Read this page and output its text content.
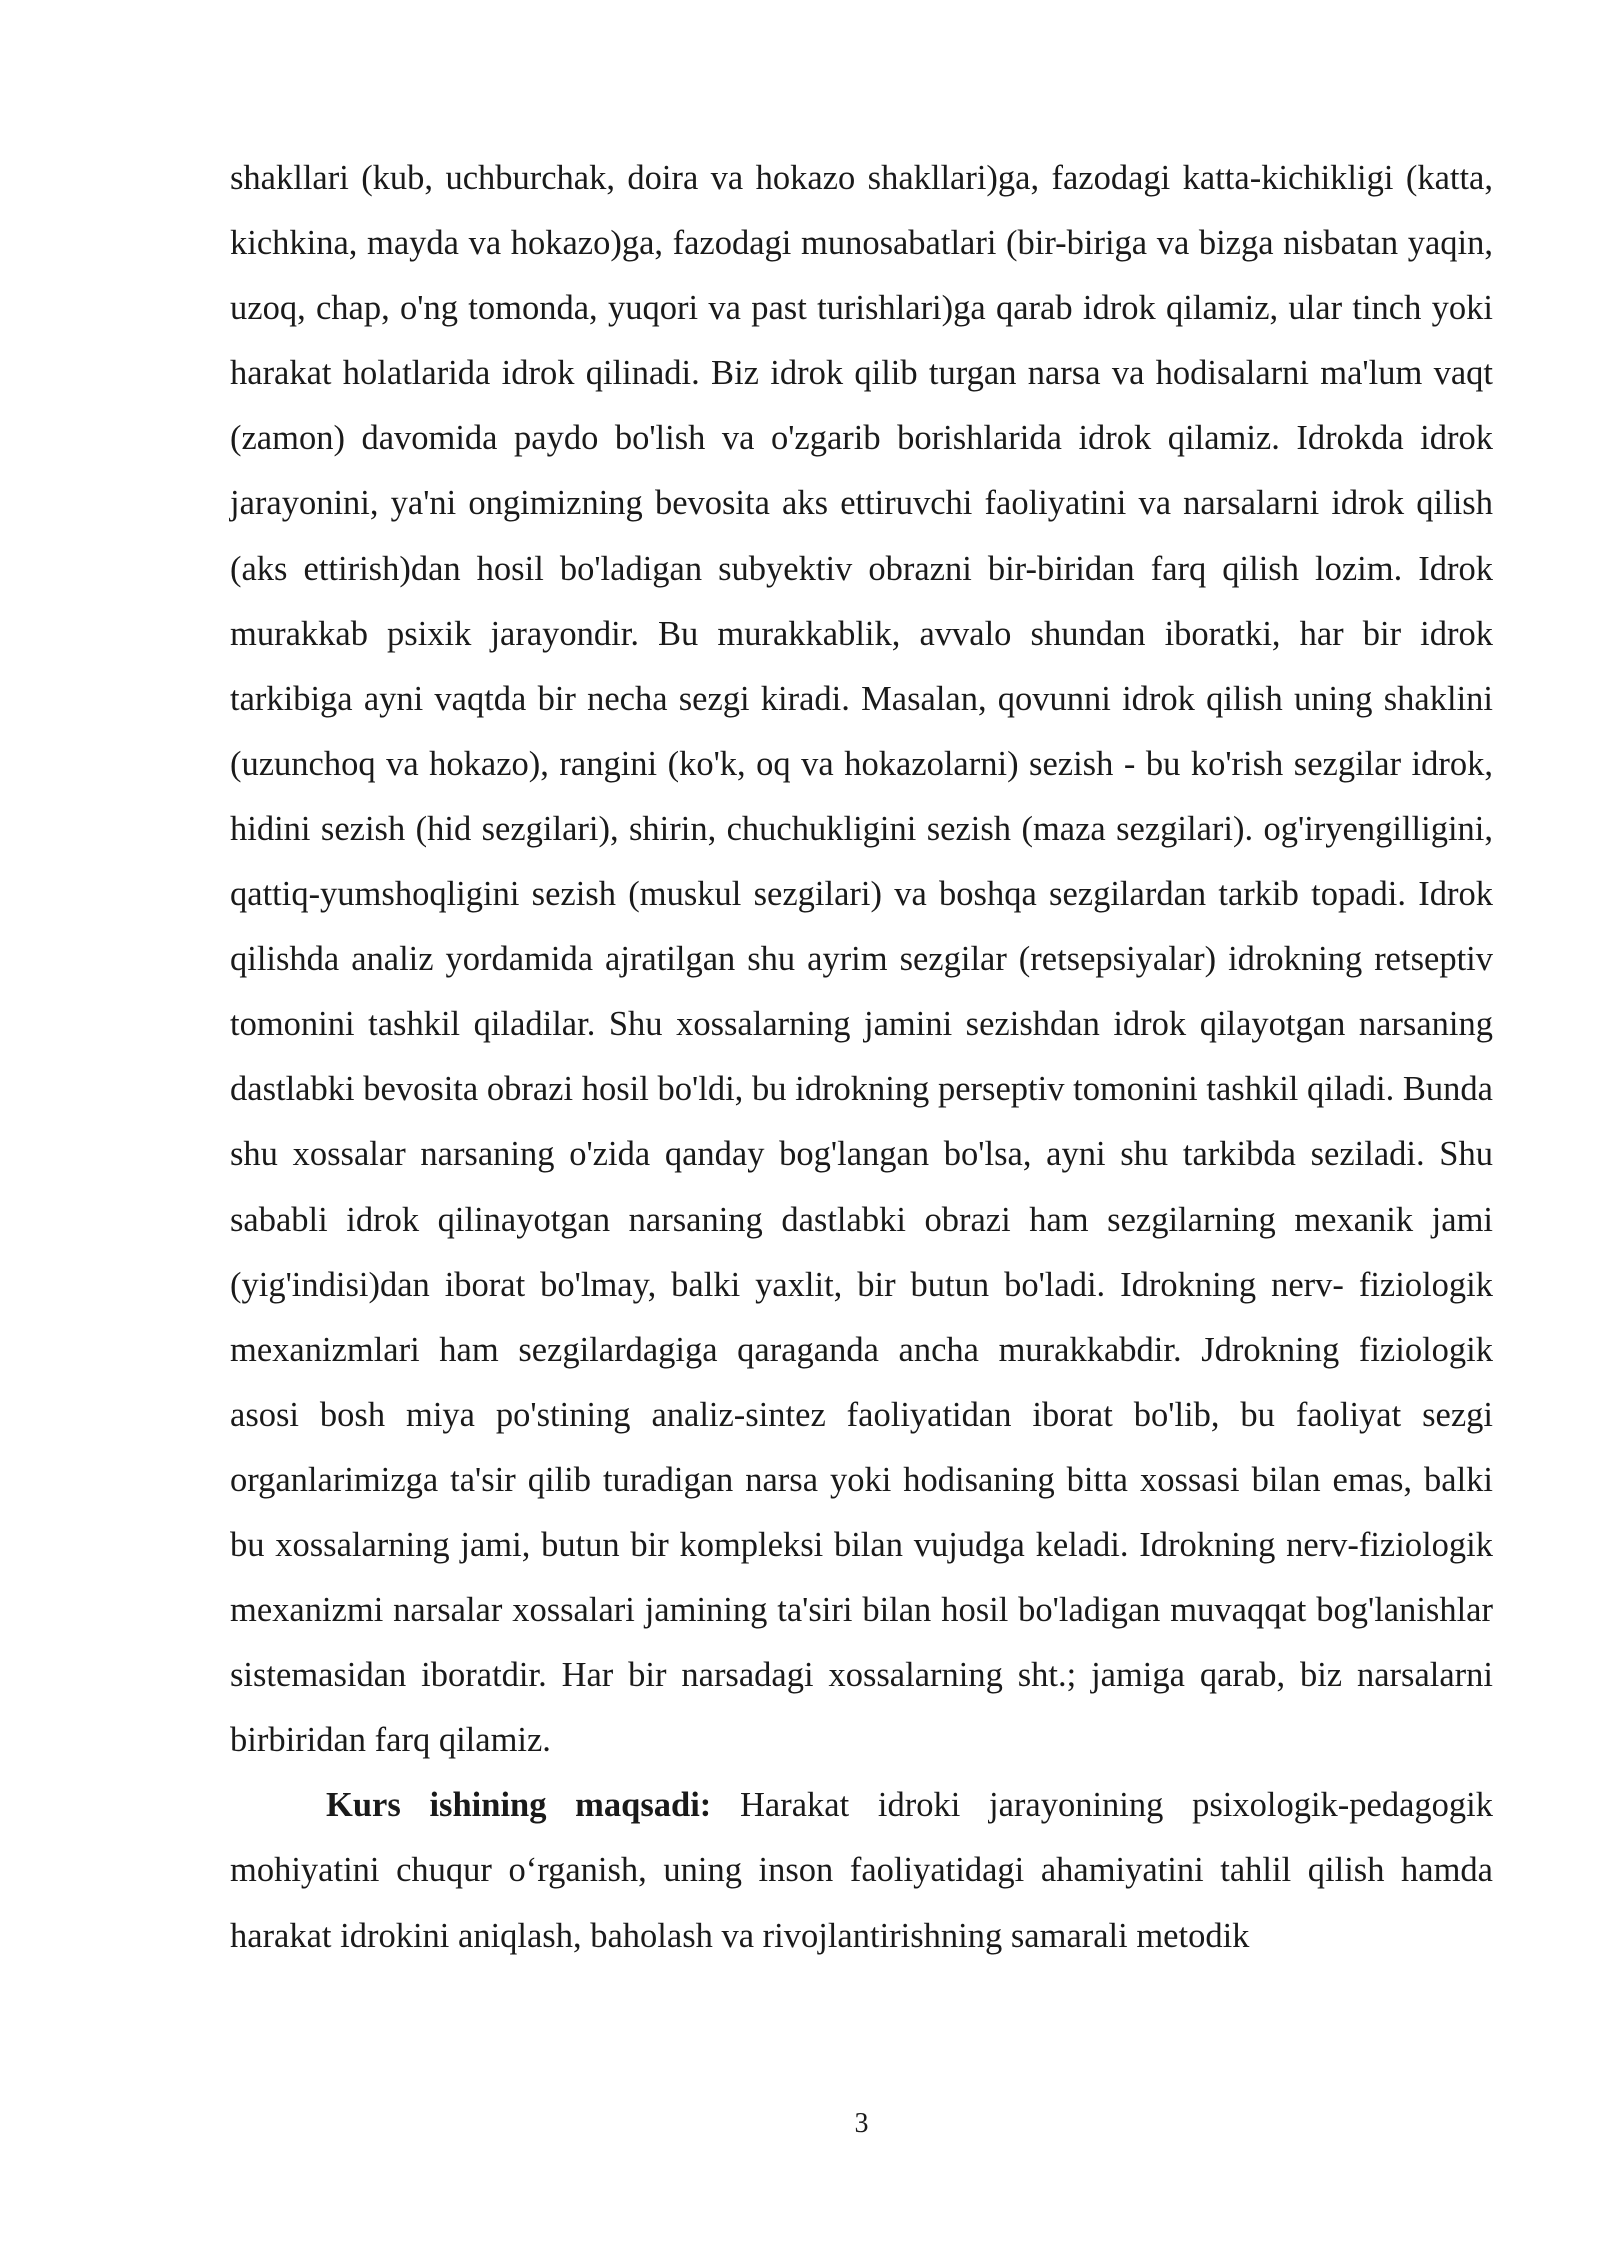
shakllari (kub, uchburchak, doira va hokazo shakllari)ga, fazodagi katta-kichikligi (katta, kichkina, mayda va hokazo)ga, fazodagi munosabatlari (bir-biriga va bizga nisbatan yaqin, uzoq, chap, o'ng tomonda, yuqori va past turishlari)ga qarab idrok qilamiz, ular tinch yoki harakat holatlarida idrok qilinadi. Biz idrok qilib turgan narsa va hodisalarni ma'lum vaqt (zamon) davomida paydo bo'lish va o'zgarib borishlarida idrok qilamiz. Idrokda idrok jarayonini, ya'ni ongimizning bevosita aks ettiruvchi faoliyatini va narsalarni idrok qilish (aks ettirish)dan hosil bo'ladigan subyektiv obrazni bir-biridan farq qilish lozim. Idrok murakkab psixik jarayondir. Bu murakkablik, avvalo shundan iboratki, har bir idrok tarkibiga ayni vaqtda bir necha sezgi kiradi. Masalan, qovunni idrok qilish uning shaklini (uzunchoq va hokazo), rangini (ko'k, oq va hokazolarni) sezish - bu ko'rish sezgilar idrok, hidini sezish (hid sezgilari), shirin, chuchukligini sezish (maza sezgilari). og'iryengilligini, qattiq-yumshoqligini sezish (muskul sezgilari) va boshqa sezgilardan tarkib topadi. Idrok qilishda analiz yordamida ajratilgan shu ayrim sezgilar (retsepsiyalar) idrokning retseptiv tomonini tashkil qiladilar. Shu xossalarning jamini sezishdan idrok qilayotgan narsaning dastlabki bevosita obrazi hosil bo'ldi, bu idrokning perseptiv tomonini tashkil qiladi. Bunda shu xossalar narsaning o'zida qanday bog'langan bo'lsa, ayni shu tarkibda seziladi. Shu sababli idrok qilinayotgan narsaning dastlabki obrazi ham sezgilarning mexanik jami (yig'indisi)dan iborat bo'lmay, balki yaxlit, bir butun bo'ladi. Idrokning nerv- fiziologik mexanizmlari ham sezgilardagiga qaraganda ancha murakkabdir. Jdrokning fiziologik asosi bosh miya po'stining analiz-sintez faoliyatidan iborat bo'lib, bu faoliyat sezgi organlarimizga ta'sir qilib turadigan narsa yoki hodisaning bitta xossasi bilan emas, balki bu xossalarning jami, butun bir kompleksi bilan vujudga keladi. Idrokning nerv-fiziologik mexanizmi narsalar xossalari jamining ta'siri bilan hosil bo'ladigan muvaqqat bog'lanishlar sistemasidan iboratdir. Har bir narsadagi xossalarning sht.; jamiga qarab, biz narsalarni birbiridan farq qilamiz.

Kurs ishining maqsadi: Harakat idroki jarayonining psixologik-pedagogik mohiyatini chuqur o‘rganish, uning inson faoliyatidagi ahamiyatini tahlil qilish hamda harakat idrokini aniqlash, baholash va rivojlantirishning samarali metodik

3
